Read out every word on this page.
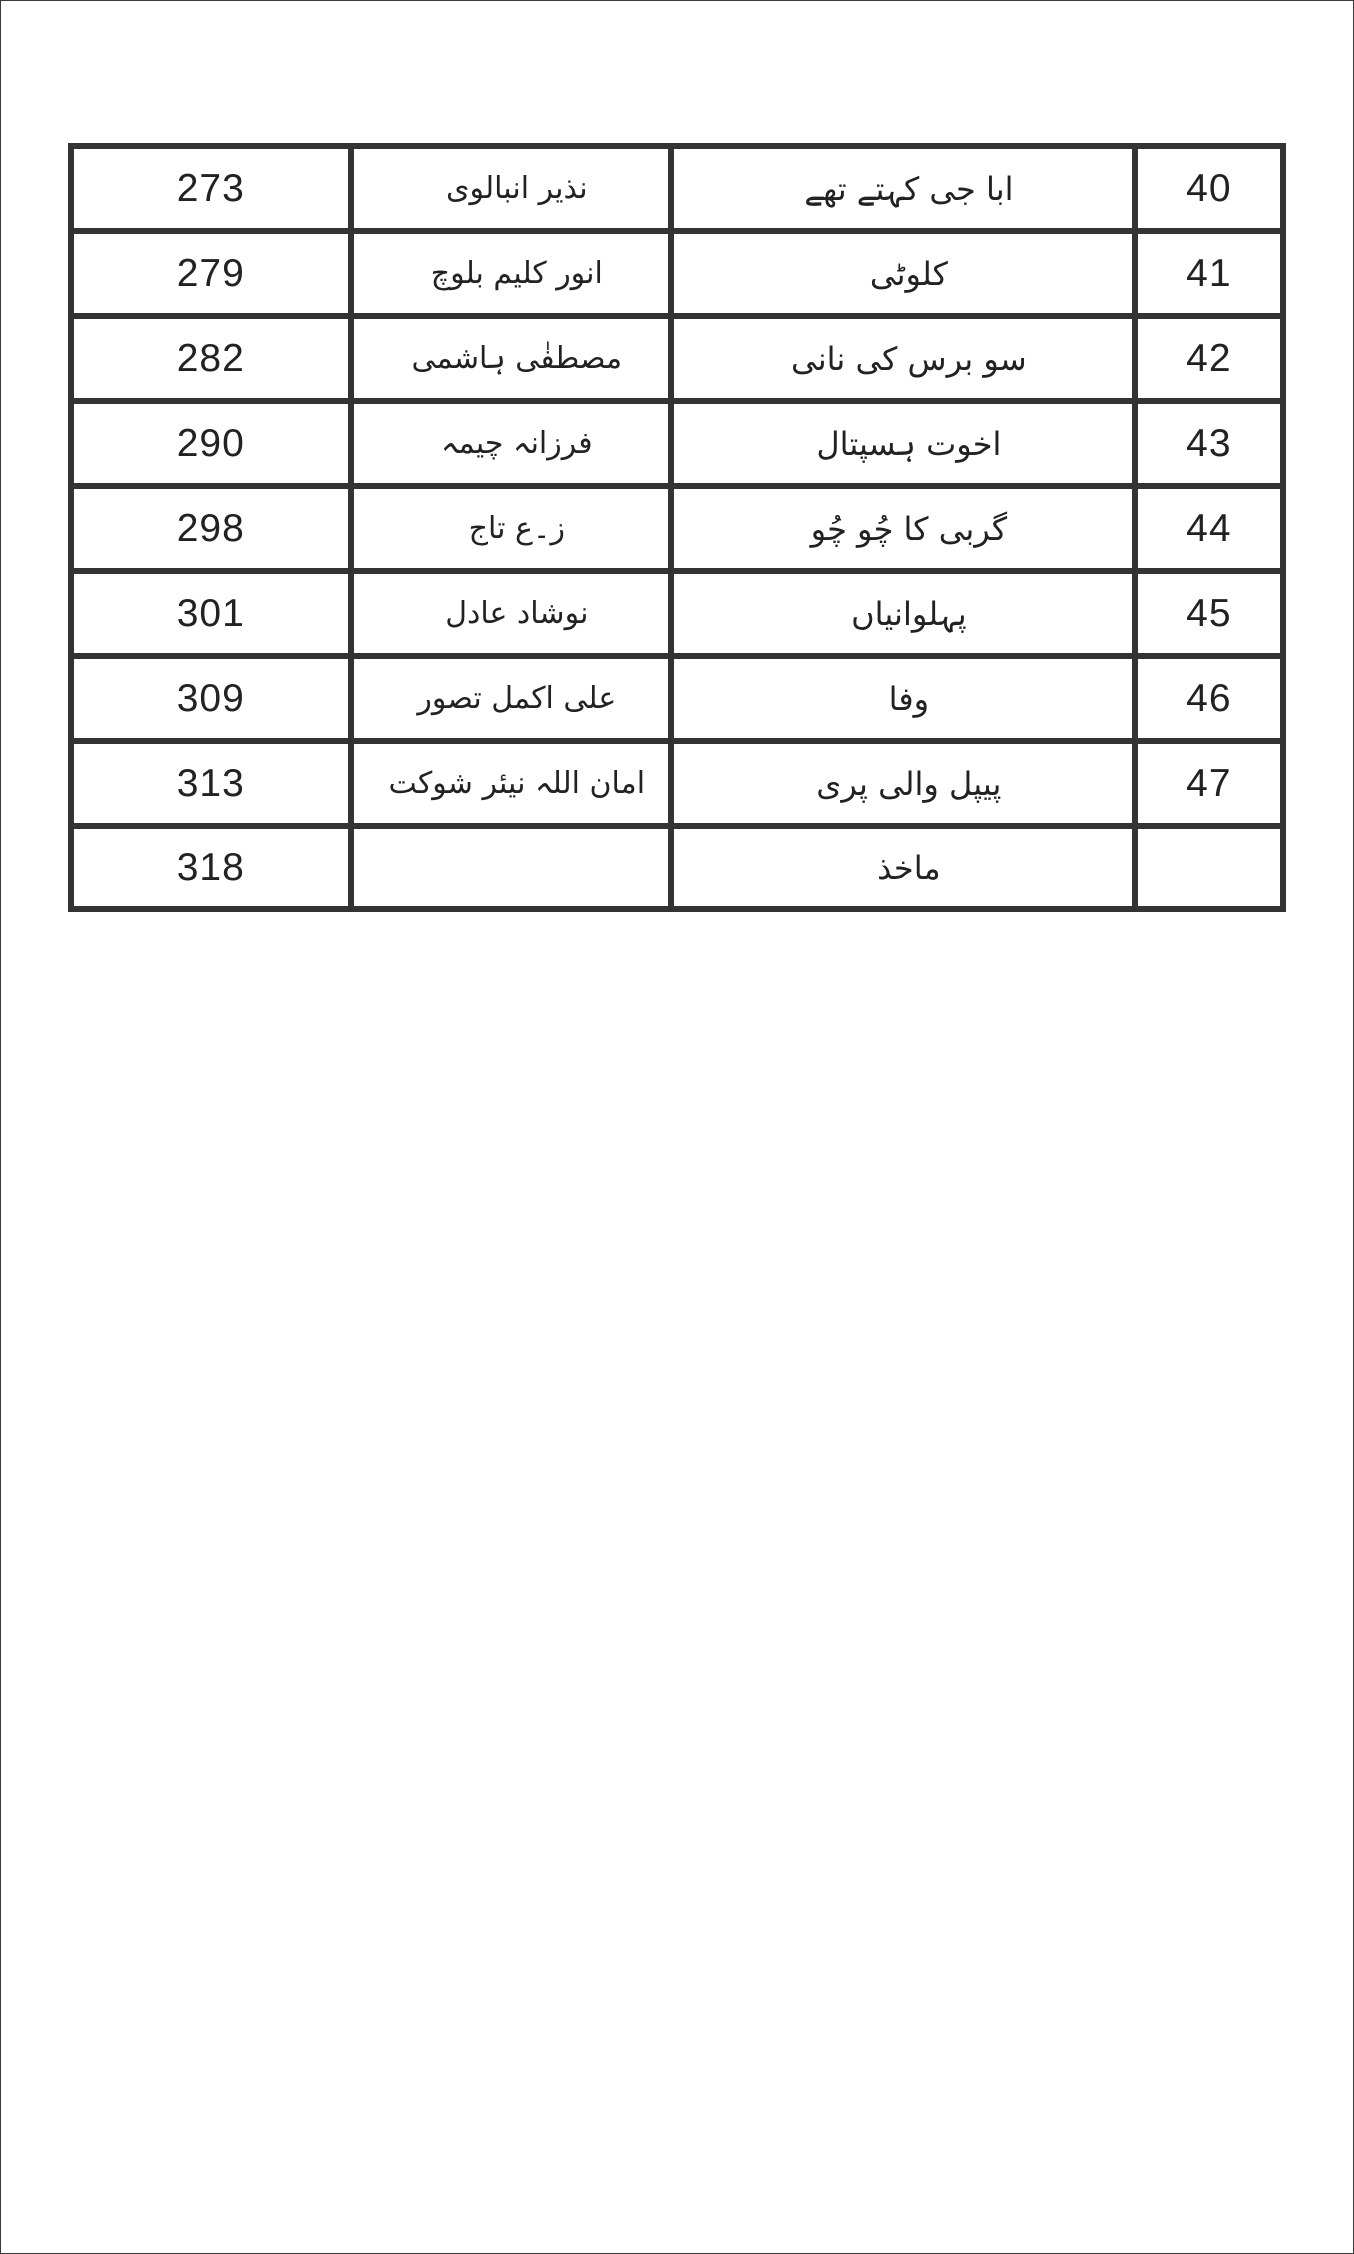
273	نذیر انبالوی	ابا جی کہتے تھے	40
279	انور کلیم بلوچ	کلوٹی	41
282	مصطفٰی ہاشمی	سو برس کی نانی	42
290	فرزانہ چیمہ	اخوت ہسپتال	43
298	ز۔ع تاج	گربی کا چُو چُو	44
301	نوشاد عادل	پہلوانیاں	45
309	علی اکمل تصور	وفا	46
313	امان اللہ نیئر شوکت	پیپل والی پری	47
318		ماخذ	
